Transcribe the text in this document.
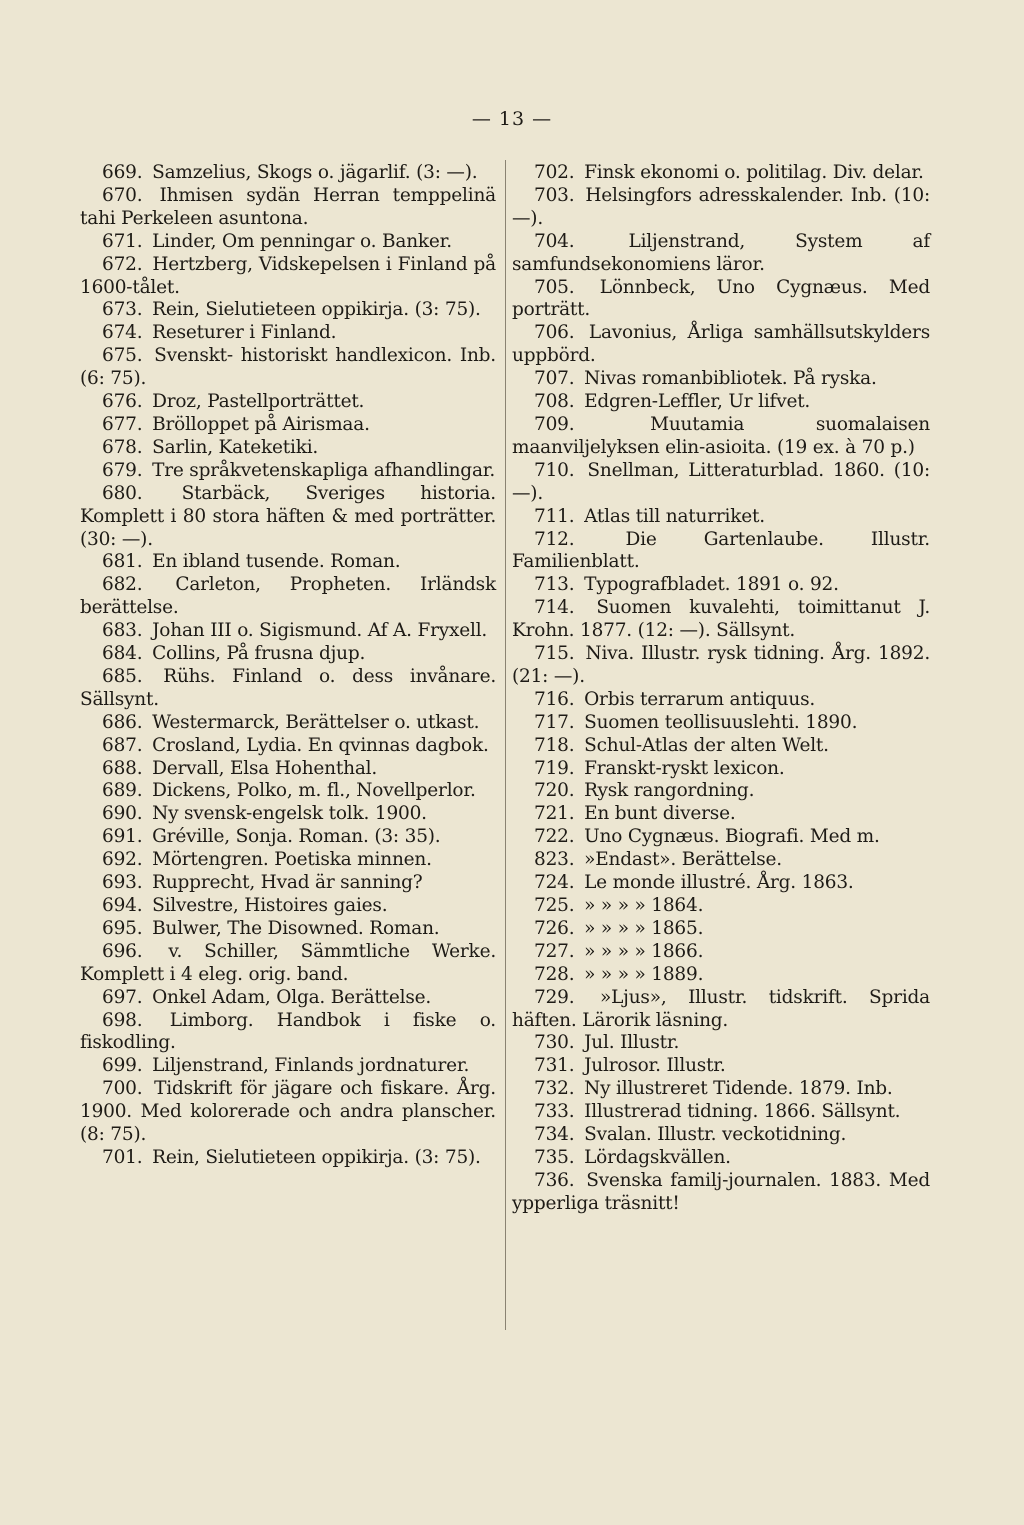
— 13 —

669. Samzelius, Skogs o. jägarlif. (3: —).

670. Ihmisen sydän Herran temppelinä tahi Perkeleen asuntona.

671. Linder, Om penningar o. Banker.

672. Hertzberg, Vidskepelsen i Finland på 1600-tålet.

673. Rein, Sielutieteen oppikirja. (3: 75).

674. Reseturer i Finland.

675. Svenskt- historiskt handlexicon. Inb. (6: 75).

676. Droz, Pastellporträttet.

677. Brölloppet på Airismaa.

678. Sarlin, Kateketiki.

679. Tre språkvetenskapliga afhandlingar.

680. Starbäck, Sveriges historia. Komplett i 80 stora häften & med porträtter. (30: —).

681. En ibland tusende. Roman.

682. Carleton, Propheten. Irländsk berättelse.

683. Johan III o. Sigismund. Af A. Fryxell.

684. Collins, På frusna djup.

685. Rühs. Finland o. dess invånare. Sällsynt.

686. Westermarck, Berättelser o. utkast.

687. Crosland, Lydia. En qvinnas dagbok.

688. Dervall, Elsa Hohenthal.

689. Dickens, Polko, m. fl., Novellperlor.

690. Ny svensk-engelsk tolk. 1900.

691. Gréville, Sonja. Roman. (3: 35).

692. Mörtengren. Poetiska minnen.

693. Rupprecht, Hvad är sanning?

694. Silvestre, Histoires gaies.

695. Bulwer, The Disowned. Roman.

696. v. Schiller, Sämmtliche Werke. Komplett i 4 eleg. orig. band.

697. Onkel Adam, Olga. Berättelse.

698. Limborg. Handbok i fiske o. fiskodling.

699. Liljenstrand, Finlands jordnaturer.

700. Tidskrift för jägare och fiskare. Årg. 1900. Med kolorerade och andra planscher. (8: 75).

701. Rein, Sielutieteen oppikirja. (3: 75).

702. Finsk ekonomi o. politilag. Div. delar.

703. Helsingfors adresskalender. Inb. (10: —).

704.	Liljenstrand, System af samfundsekonomiens läror.

705. Lönnbeck, Uno Cygnæus. Med porträtt.

706. Lavonius, Årliga samhällsutskylders uppbörd.

707. Nivas romanbibliotek. På ryska.

708. Edgren-Leffler, Ur lifvet.

709.	Muutamia suomalaisen maanviljelyksen elin-asioita. (19 ex. à 70 p.)

710. Snellman, Litteraturblad. 1860. (10: —).

711. Atlas till naturriket.

712.	Die Gartenlaube. Illustr. Familienblatt.

713. Typografbladet. 1891 o. 92.

714. Suomen kuvalehti, toimittanut J. Krohn. 1877. (12: —). Sällsynt.

715. Niva. Illustr. rysk tidning. Årg. 1892. (21: —).

716. Orbis terrarum antiquus.

717. Suomen teollisuuslehti. 1890.

718. Schul-Atlas der alten Welt.

719. Franskt-ryskt lexicon.

720. Rysk rangordning.

721. En bunt diverse.

722. Uno Cygnæus. Biografi. Med m.

823. »Endast». Berättelse.

724. Le monde illustré. Årg. 1863.

725. » » » » 1864.

726. » » » » 1865.

727. » » » » 1866.

728. » » » » 1889.

729. »Ljus», Illustr. tidskrift. Sprida häften. Lärorik läsning.

730. Jul. Illustr.

731. Julrosor. Illustr.

732. Ny illustreret Tidende. 1879. Inb.

733. Illustrerad tidning. 1866. Sällsynt.

734. Svalan. Illustr. veckotidning.

735. Lördagskvällen.

736. Svenska familj-journalen. 1883. Med ypperliga träsnitt!
